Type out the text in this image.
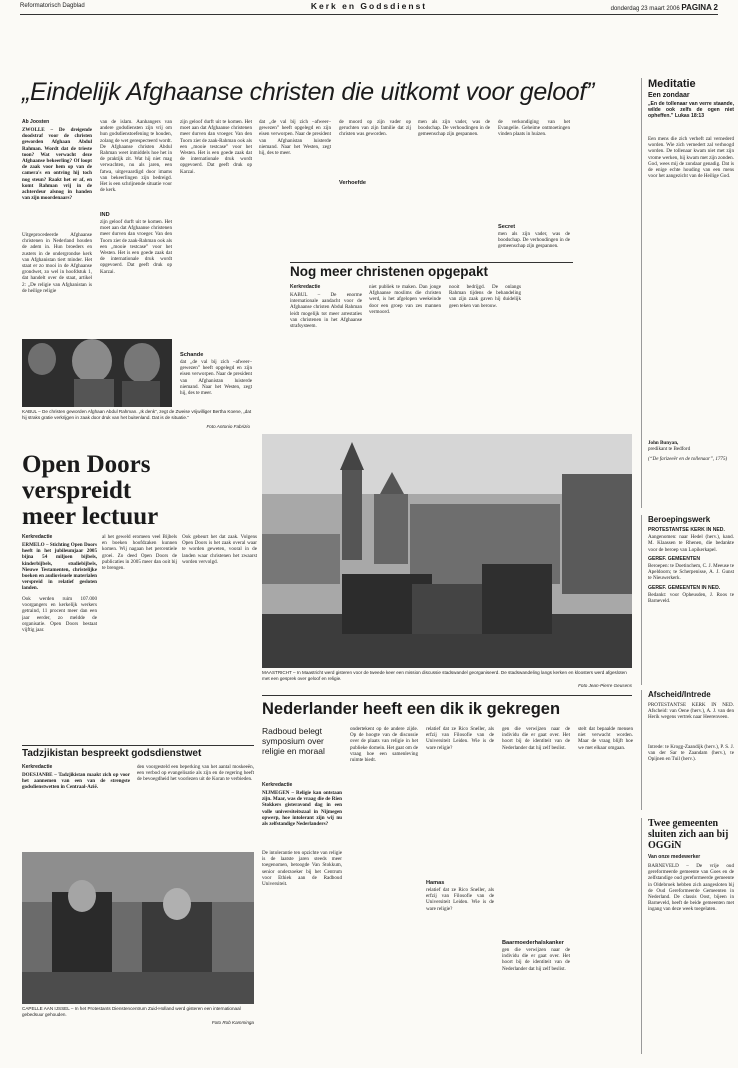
Reformatorisch Dagblad	Kerk en Godsdienst	donderdag 23 maart 2006 PAGINA 2
„Eindelijk Afghaanse christen die uitkomt voor geloof”
Ab Joosten
ZWOLLE – De dreigende doodstraf voor de christen geworden Afghaan Abdul Rahman. Wordt dat de trieste toon? Wat verwacht deze Afghaanse bekeerling? Of loopt de zaak voor hem op van de camera's en ontving hij toch nog steun? Raakt het er af, en komt Rahman vrij in de achterdeur alsnog in handen van zijn moordenaars?
Uitgeprocedeerde Afghaanse christenen in Nederland houden de adem in. Hun broeders en zusters in de ondergrondse kerk van Afghanistan tiert minder. Het staat er zo mooi in de Afghaanse grondwet, zo wel in hoofdstuk 1, dat handelt over de staat, artikel 2: „De religie van Afghanistan is de heilige religie
van de islam. Aanhangers van andere godsdiensten zijn vrij om hun godsdienstoefening te houden, zolang de wet gerespecteerd wordt. De Afghaanse christen Abdul Rahman weet inmiddels hoe het in de praktijk zit. Wat hij niet mag verwachten, nu als jaren, een fatwa, uitgevaardigd door imams van bekeerlingen zijn bedreigd. Het is een schrijnende situatie voor de kerk.
IND
zijn geloof durft uit te komen. Het moet aan dat Afghaanse christenen meer durven dan vroeger. Van den Toorn ziet de zaak-Rahman ook als een „mooie testcase” voor het Westen. Het is een goede zaak dat de internationale druk wordt opgevoerd. Dat geeft druk op Karzai.
zijn geloof durft uit te komen. Het moet aan dat Afghaanse christenen meer durven dan vroeger. Van den Toorn ziet de zaak-Rahman ook als een „mooie testcase” voor het Westen. Het is een goede zaak dat de internationale druk wordt opgevoerd. Dat geeft druk op Karzai.
Schande
dat „de val bij zich –afweer– gewezen” heeft opgelegd en zijn eisen verworpen. Naar de president van Afghanistan luisterde niemand. Naar het Westen, zegt hij, des te meer.
dat „de val bij zich –afweer– gewezen” heeft opgelegd en zijn eisen verworpen. Naar de president van Afghanistan luisterde niemand. Naar het Westen, zegt hij, des te meer.
de moord op zijn vader op geruchten van zijn familie dat zij christen was geworden.
Verhoefde
men als zijn vader, was de boodschap. De verhoudingen in de gemeenschap zijn gespannen.
de verkondiging van het Evangelie. Geheime ontmoetingen vinden plaats in huizen.
Secret
men als zijn vader, was de boodschap. De verhoudingen in de gemeenschap zijn gespannen.
KABUL – De christen geworden Afghaan Abdul Rahman. „Ik denk”, zegt de Zweise vrijwilliger Bertha Koene, „dat hij straks gratie verkrijgen in zaak door druk van het buitenland. Dat is de situatie.”
Foto Antonio Fabrizio
Nog meer christenen opgepakt
Kerkredactie
KABUL – De enorme internationale aandacht voor de Afghaanse christen Abdul Rahman leidt mogelijk tot meer arrestaties van christenen in het Afghaanse strafsysteem.
niet publiek te maken. Dan jonge Afghaanse moslims die christen werd, is het afgelopen weekeinde door een groep van zes mannen vermoord.
nooit bedrijgd. De onlangs Rahman tijdens de behandeling van zijn zaak gaven hij duidelijk geen teken van berouw.
Meditatie
Een zondaar
„En de tollenaar van verre staande, wilde ook zelfs de ogen niet opheffen.” Lukas 18:13
Een mens die zich verheft zal vernederd worden. Wie zich vernedert zal verhoogd worden. De tollenaar kwam niet met zijn vrome werken, hij kwam met zijn zonden. God, wees mij de zondaar genadig. Dat is de enige echte houding van een mens voor het aangezicht van de Heilige God.
John Bunyan,
predikant te Bedford
(“De farizeeër en de tollenaar”, 1775)
Beroepingswerk
PROTESTANTSE KERK IN NED.
Aangenomen: naar Hedel (herv.), kand. M. Klaassen te Rhenen, die bedankte voor de beroep van Lopikerkapel.
GEREF. GEMEENTEN
Beroepen: te Doetinchem, C. J. Meeuse te Apeldoorn; te Scherpenisse, A. J. Gunst te Nieuwerkerk.
GEREF. GEMEENTEN IN NED.
Bedankt: voor Opheusden, J. Roos te Barneveld.
Afscheid/Intrede
PROTESTANTSE KERK IN NED. Afscheid: van Oene (herv.), A. J. van den Herik wegens vertrek naar Heerenveen.
Intrede: te Krogg-Zaandijk (herv.), P. S. J. van der Sar te Zaandam (herv.), te Opijnen en Tuil (herv.).
Twee gemeenten sluiten zich aan bij OGGiN
Van onze medewerker
BARNEVELD – De vrije oud gereformeerde gemeente van Goes en de zelfstandige oud gereformeerde gemeente in Oldebroek hebben zich aangesloten bij de Oud Gereformeerde Gemeenten in Nederland. De classis Oost, bijeen in Barneveld, heeft de beide gemeenten met ingang van deze week toegelaten.
Open Doors
verspreidt
meer lectuur
Kerkredactie
ERMELO – Stichting Open Doors heeft in het jubileumjaar 2005 bijna 54 miljoen bijbels, kinderbijbels, studiebijbels, Nieuwe Testamenten, christelijke boeken en audiovisuele materialen verspreid in relatief gesloten landen.
Ook werden ruim 107.000 voorgangers en kerkelijk werkers getraind, 11 procent meer dan een jaar eerder, zo meldde de organisatie. Open Doors bestaat vijftig jaar.
al het geweld eromeen veel Bijbels en boeken hoofdzaken kunnen komen. Wij nagaan het percentiele groei. Zo deed Open Doors de publicaties in 2005 meer dan ooit bij te brengen.
Ook gebeurt het dat zaak. Volgens Open Doors is het zaak overal waar te worden geweten, vooral in de landen waar christenen het zwaarst worden vervolgd.
MAASTRICHT – In Maastricht werd gisteren voor de tweede keer een mission discussie stadswandel georganiseerd. De stadswandeling langs kerken en kloosters werd afgesloten met een gesprek over geloof en religie.
Foto Jean-Pierre Geusens
Nederlander heeft een dik ik gekregen
Radboud belegt symposium over religie en moraal
Kerkredactie
NIJMEGEN – Religie kan ontstaan zijn. Maar, was de vraag die de Rien Stokkers gisteravond dag in een volle universiteitszaal in Nijmegen opwerp, hoe intolerant zijn wij nu als zelfstandige Nederlanders?
De intolerantie ten opzichte van religie is de laatste jaren steeds meer toegenomen, betoogde Van Stokkum, senior onderzoeker bij het Centrum voor Ethiek aan de Radboud Universiteit.
ondertekent op de andere zijde. Op de hoogte van de discussie over de plaats van religie in het publieke domein. Het gaat om de vraag hoe een samenleving ruimte biedt.
relatief dat ze Rico Sneller, als erfzij van Filosofie van de Universiteit Leiden. Wie is de ware religie?
Hamas
relatief dat ze Rico Sneller, als erfzij van Filosofie van de Universiteit Leiden. Wie is de ware religie?
gen die verwijzen naar de individu die er gaat over. Het hoort bij de identiteit van de Nederlander dat hij zelf beslist.
Baarmoederhalskanker
gen die verwijzen naar de individu die er gaat over. Het hoort bij de identiteit van de Nederlander dat hij zelf beslist.
stelt dat bepaalde mensen niet verwacht worden. Maar de vraag blijft hoe we met elkaar omgaan.
Tadzjikistan bespreekt godsdienstwet
Kerkredactie
DOESJANBE – Tadzjikistan maakt zich op voor het aannemen van een van de strengste godsdienstwetten in Centraal-Azië.
den voorgesteld een beperking van het aantal moskeeën, een verbod op evangelisatie als zijn en de regering heeft de bevoegdheid het voorlezen uit de Koran te verbieden.
CAPELLE AAN IJSSEL – In het Protestants Dienstencentrum Zuid-Holland werd gisteren een internationaal gebedsuur gehouden.
Foto Rob Kamminga
